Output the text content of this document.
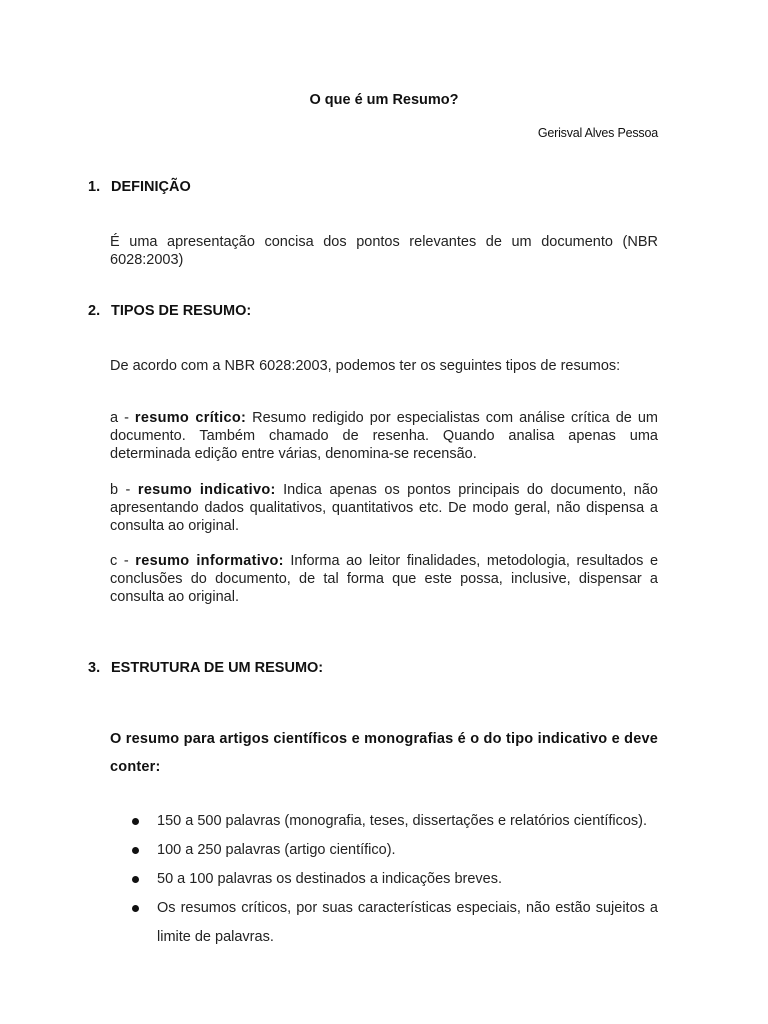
O que é um Resumo?
Gerisval Alves Pessoa
1. DEFINIÇÃO
É uma apresentação concisa dos pontos relevantes de um documento (NBR 6028:2003)
2. TIPOS DE RESUMO:
De acordo com a NBR 6028:2003, podemos ter os seguintes tipos de resumos:
a - resumo crítico: Resumo redigido por especialistas com análise crítica de um documento. Também chamado de resenha. Quando analisa apenas uma determinada edição entre várias, denomina-se recensão.
b - resumo indicativo: Indica apenas os pontos principais do documento, não apresentando dados qualitativos, quantitativos etc. De modo geral, não dispensa a consulta ao original.
c - resumo informativo: Informa ao leitor finalidades, metodologia, resultados e conclusões do documento, de tal forma que este possa, inclusive, dispensar a consulta ao original.
3. ESTRUTURA DE UM RESUMO:
O resumo para artigos científicos e monografias é o do tipo indicativo e deve conter:
150 a 500 palavras (monografia, teses, dissertações e relatórios científicos).
100 a 250 palavras (artigo científico).
50 a 100 palavras os destinados a indicações breves.
Os resumos críticos, por suas características especiais, não estão sujeitos a limite de palavras.
